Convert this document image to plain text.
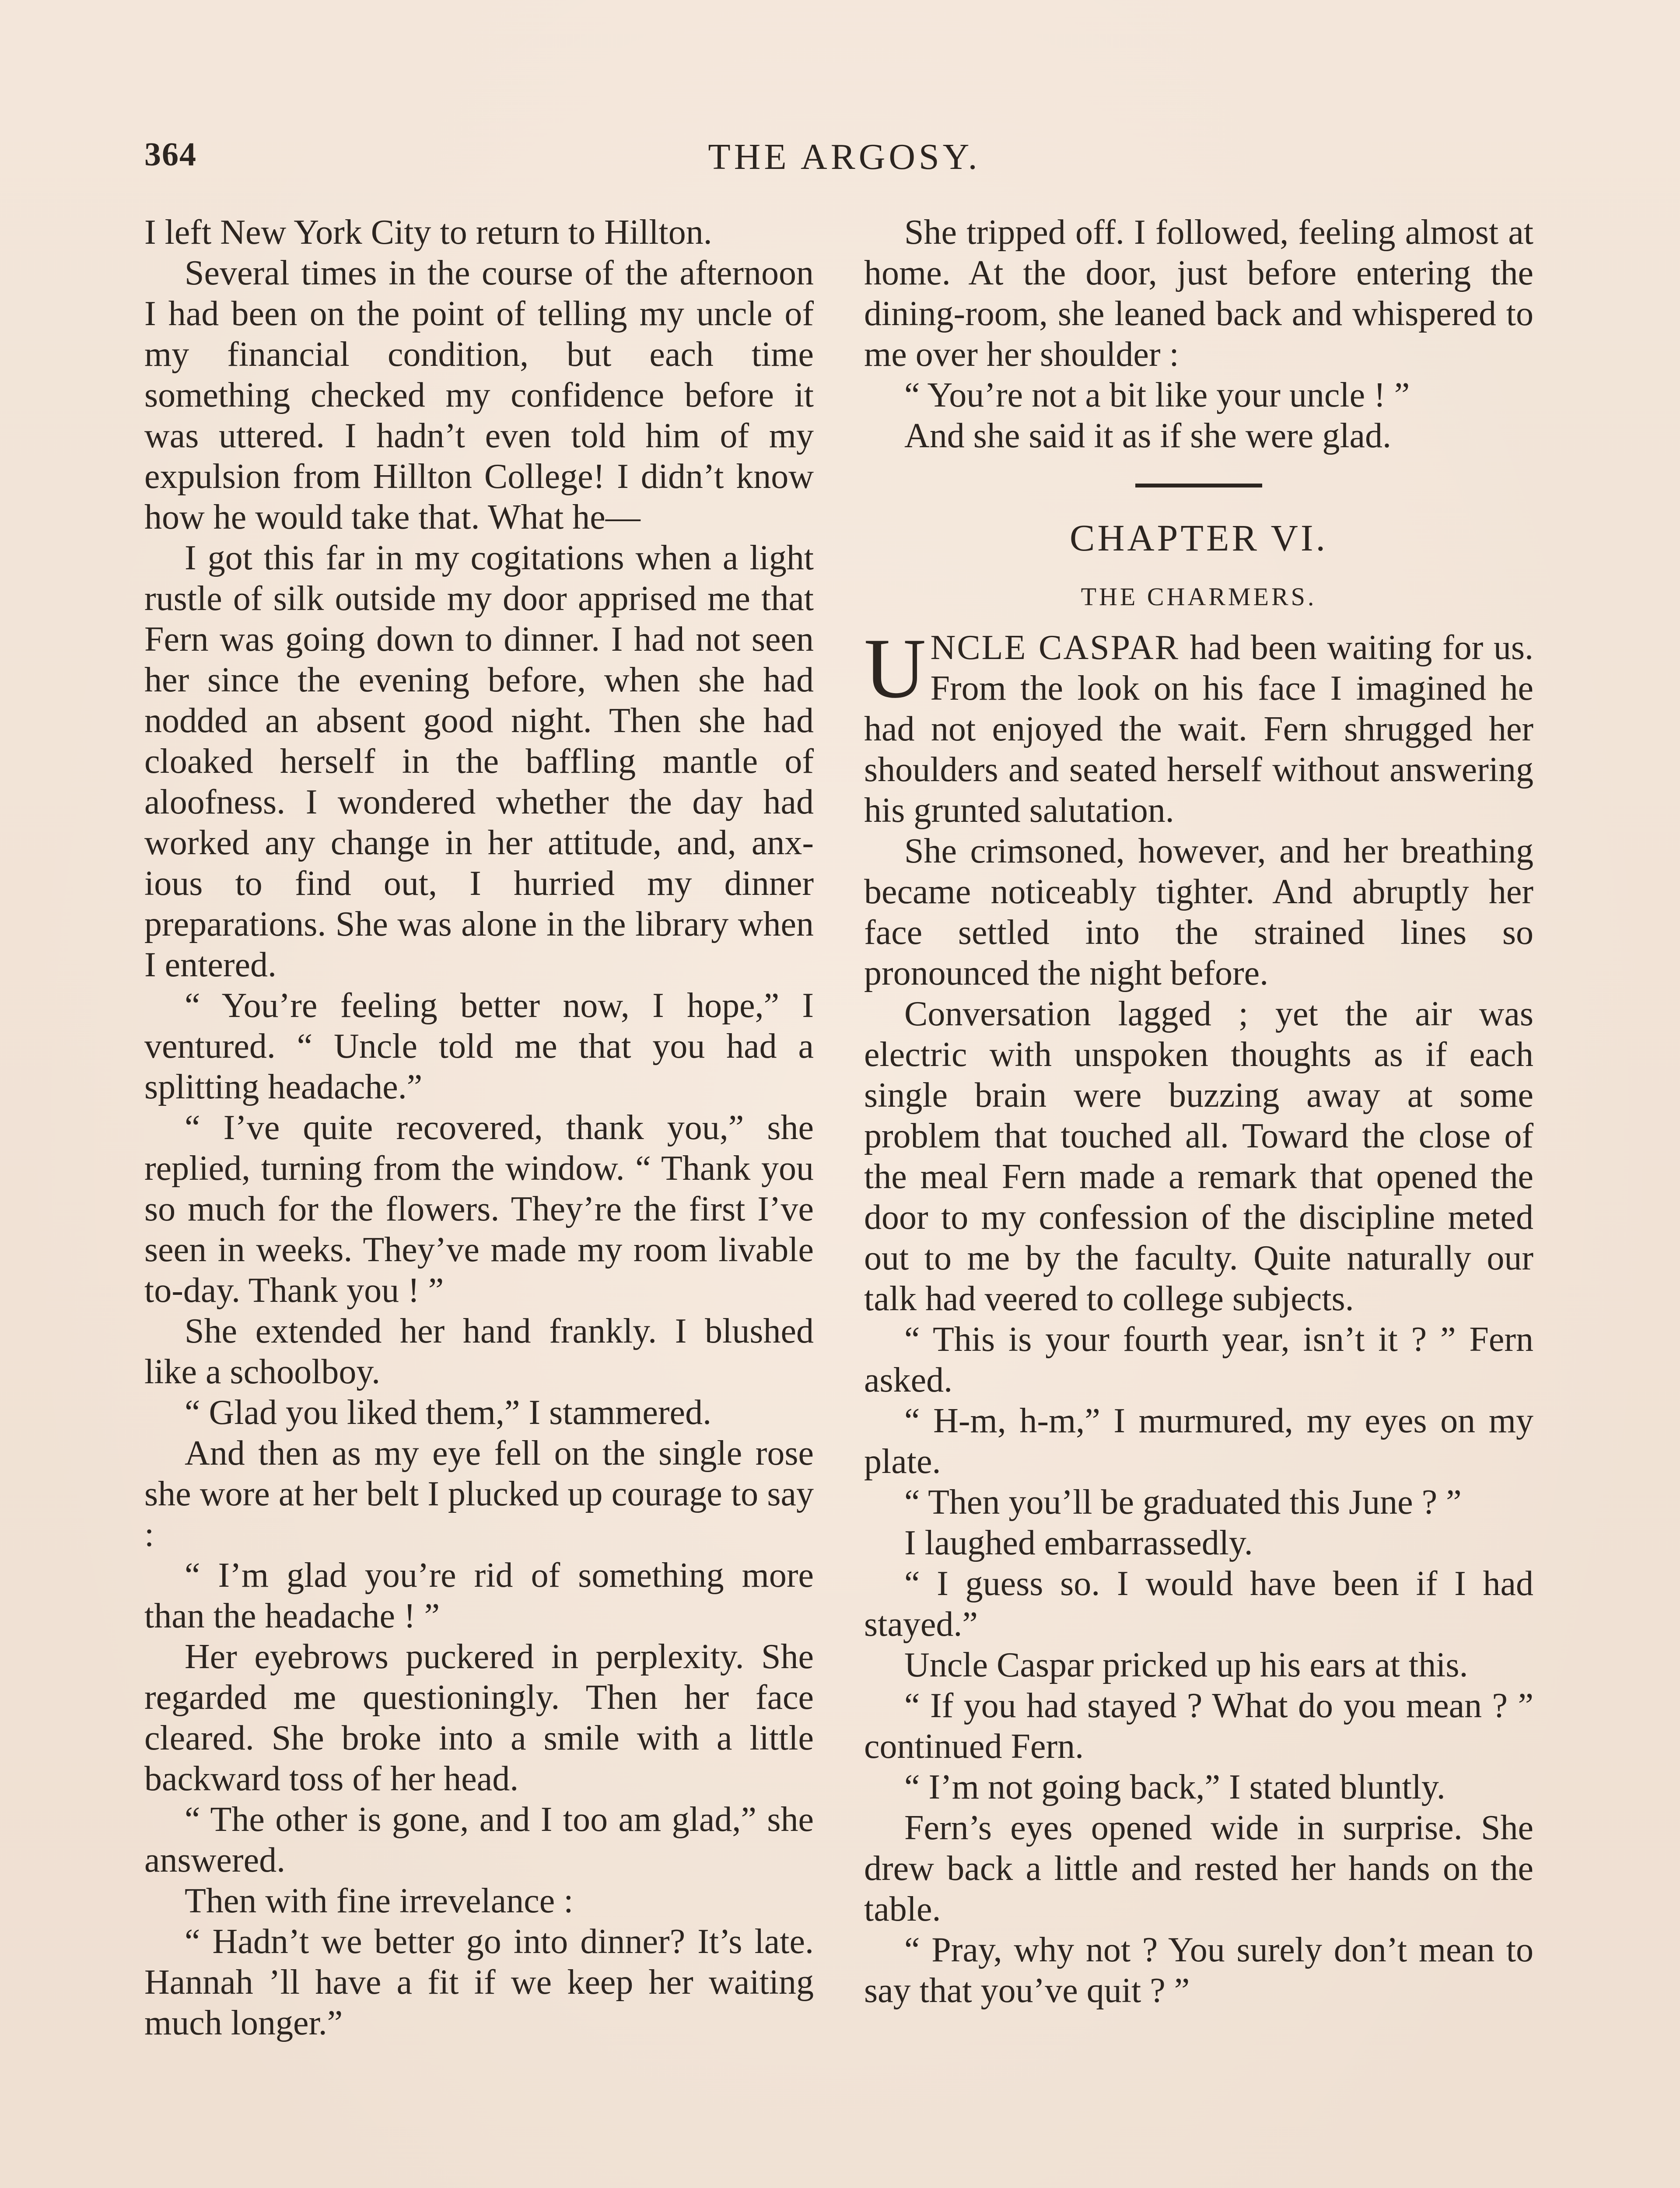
364	THE ARGOSY.

I left New York City to return to Hillton.

Several times in the course of the afternoon I had been on the point of telling my uncle of my financial condition, but each time something checked my confidence before it was uttered. I hadn’t even told him of my expulsion from Hillton College! I didn’t know how he would take that. What he—

I got this far in my cogitations when a light rustle of silk outside my door apprised me that Fern was going down to dinner. I had not seen her since the evening before, when she had nodded an absent good night. Then she had cloaked herself in the baffling mantle of aloofness. I wondered whether the day had worked any change in her attitude, and, anxious to find out, I hurried my dinner preparations. She was alone in the library when I entered.

“ You’re feeling better now, I hope,” I ventured. “ Uncle told me that you had a splitting headache.”

“ I’ve quite recovered, thank you,” she replied, turning from the window. “ Thank you so much for the flowers. They’re the first I’ve seen in weeks. They’ve made my room livable to-day. Thank you ! ”

She extended her hand frankly. I blushed like a schoolboy.

“ Glad you liked them,” I stammered.

And then as my eye fell on the single rose she wore at her belt I plucked up courage to say :

“ I’m glad you’re rid of something more than the headache ! ”

Her eyebrows puckered in perplexity. She regarded me questioningly. Then her face cleared. She broke into a smile with a little backward toss of her head.

“ The other is gone, and I too am glad,” she answered.

Then with fine irrevelance :

“ Hadn’t we better go into dinner? It’s late. Hannah ’ll have a fit if we keep her waiting much longer.”

She tripped off. I followed, feeling almost at home. At the door, just before entering the dining-room, she leaned back and whispered to me over her shoulder :

“ You’re not a bit like your uncle ! ”

And she said it as if she were glad.

CHAPTER VI.
THE CHARMERS.

UNCLE CASPAR had been waiting for us. From the look on his face I imagined he had not enjoyed the wait. Fern shrugged her shoulders and seated herself without answering his grunted salutation.

She crimsoned, however, and her breathing became noticeably tighter. And abruptly her face settled into the strained lines so pronounced the night before.

Conversation lagged ; yet the air was electric with unspoken thoughts as if each single brain were buzzing away at some problem that touched all. Toward the close of the meal Fern made a remark that opened the door to my confession of the discipline meted out to me by the faculty. Quite naturally our talk had veered to college subjects.

“ This is your fourth year, isn’t it ? ” Fern asked.

“ H-m, h-m,” I murmured, my eyes on my plate.

“ Then you’ll be graduated this June ? ”

I laughed embarrassedly.

“ I guess so. I would have been if I had stayed.”

Uncle Caspar pricked up his ears at this.

“ If you had stayed ? What do you mean ? ” continued Fern.

“ I’m not going back,” I stated bluntly.

Fern’s eyes opened wide in surprise. She drew back a little and rested her hands on the table.

“ Pray, why not ? You surely don’t mean to say that you’ve quit ? ”
